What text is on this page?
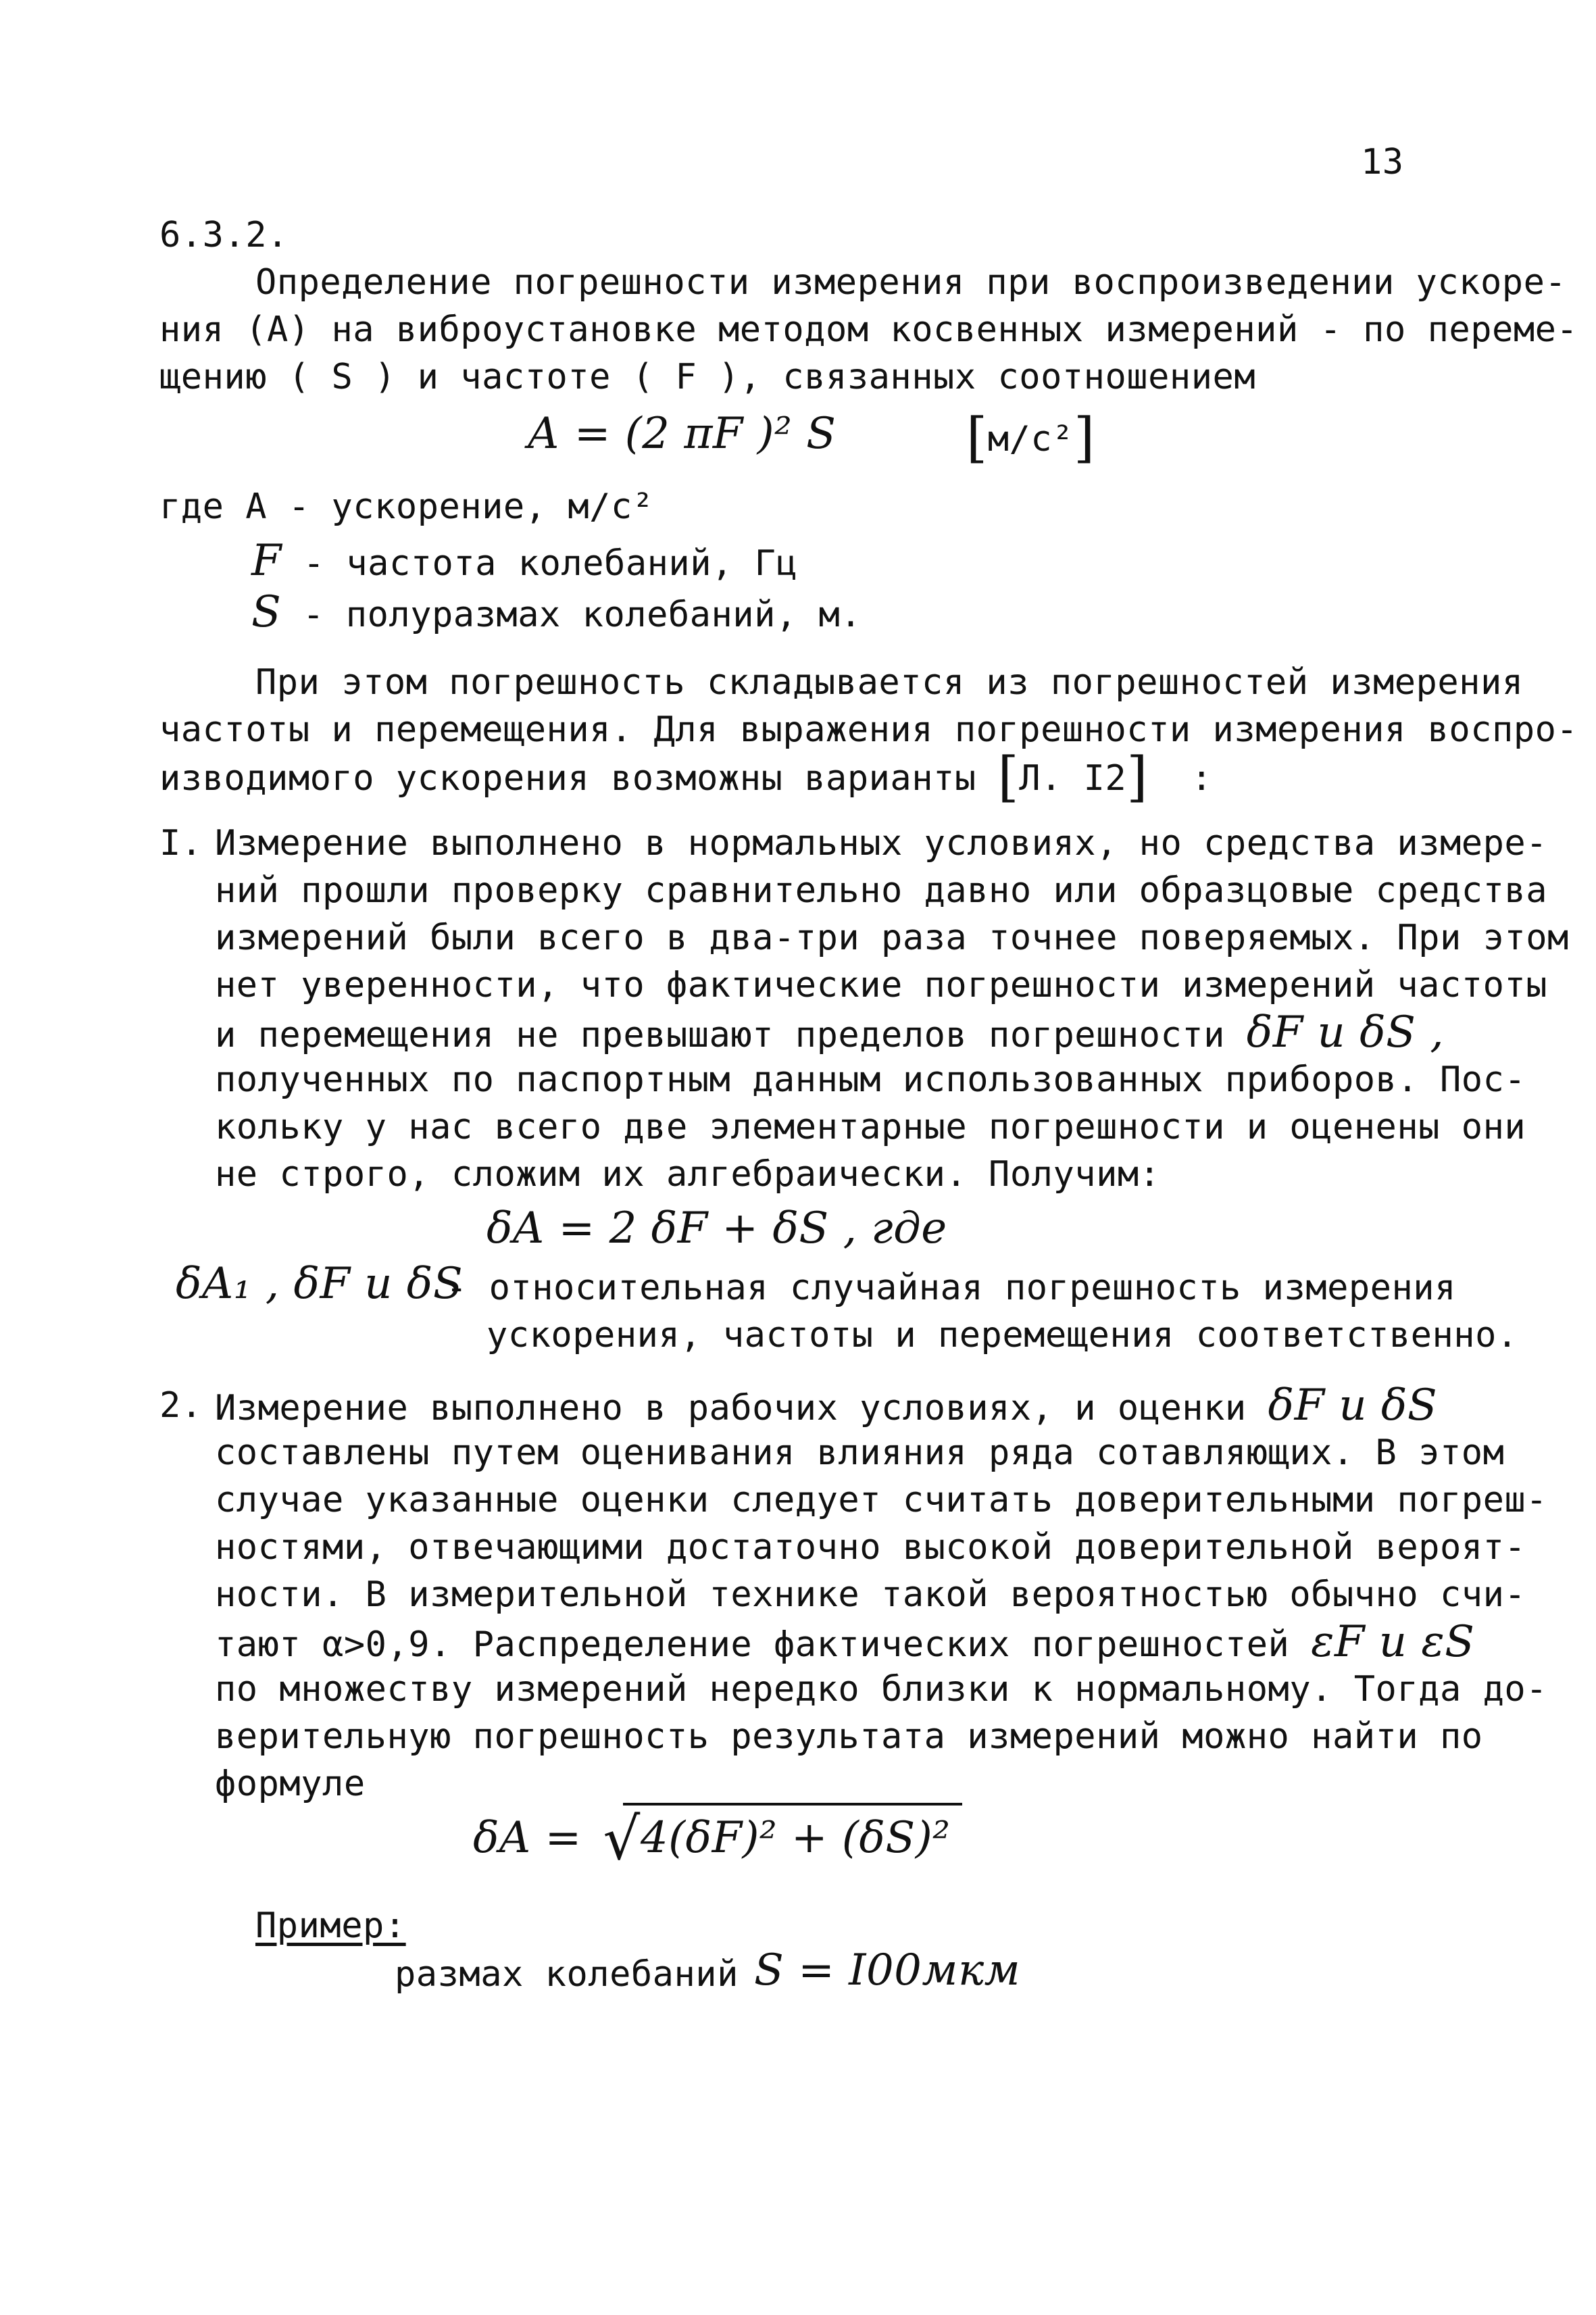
13
6.3.2.
Определение погрешности измерения при воспроизведении ускоре-
ния (А) на виброустановке методом косвенных измерений - по переме-
щению ( S ) и частоте ( F ), связанных соотношением
А = (2 πF )² S [м/с²]
где А - ускорение, м/с²
F - частота колебаний, Гц
S - полуразмах колебаний, м.
При этом погрешность складывается из погрешностей измерения
частоты и перемещения. Для выражения погрешности измерения воспро-
изводимого ускорения возможны варианты [Л. I2]  :
I. Измерение выполнено в нормальных условиях, но средства измере-
ний прошли проверку сравнительно давно или образцовые средства
измерений были всего в два-три раза точнее поверяемых. При этом
нет уверенности, что фактические погрешности измерений частоты
и перемещения не превышают пределов погрешности δF и δS ,
полученных по паспортным данным использованных приборов. Пос-
кольку у нас всего две элементарные погрешности и оценены они
не строго, сложим их алгебраически. Получим:
δA = 2 δF + δS , где
δA₁ , δF и δS
- относительная случайная погрешность измерения
ускорения, частоты и перемещения соответственно.
2. Измерение выполнено в рабочих условиях, и оценки δF и δS
составлены путем оценивания влияния ряда сотавляющих. В этом
случае указанные оценки следует считать доверительными погреш-
ностями, отвечающими достаточно высокой доверительной вероят-
ности. В измерительной технике такой вероятностью обычно счи-
тают α>0,9. Распределение фактических погрешностей εF и εS
по множеству измерений нередко близки к нормальному. Тогда до-
верительную погрешность результата измерений можно найти по
формуле
δA = √4(δF)² + (δS)²
Пример:
размах колебаний S = I00мкм
